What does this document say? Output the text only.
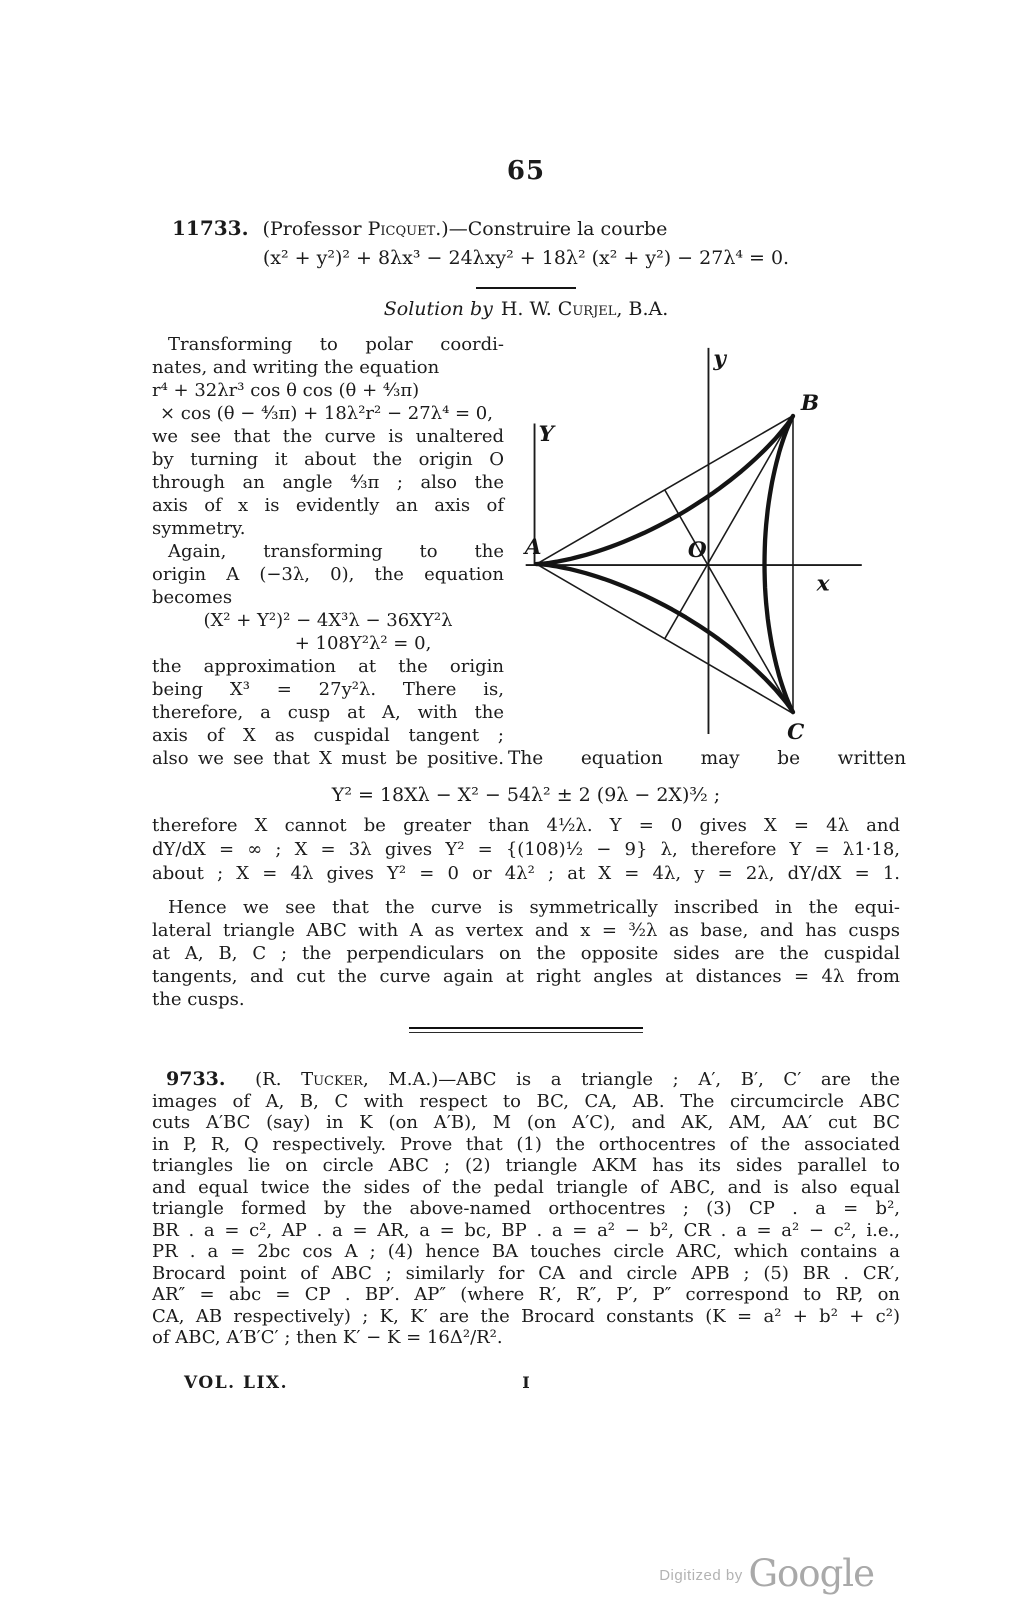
65
11733. (Professor Picquet.)—Construire la courbe
(x² + y²)² + 8λx³ − 24λxy² + 18λ² (x² + y²) − 27λ⁴ = 0.
Solution by H. W. Curjel, B.A.
Transforming to polar coordi-
nates, and writing the equation
r⁴ + 32λr³ cos θ cos (θ + ⁴⁄₃π)
× cos (θ − ⁴⁄₃π) + 18λ²r² − 27λ⁴ = 0,
we see that the curve is unaltered
by turning it about the origin O
through an angle ⁴⁄₃π ; also the
axis of x is evidently an axis of
symmetry.
Again, transforming to the
origin A (−3λ, 0), the equation
becomes
(X² + Y²)² − 4X³λ − 36XY²λ
+ 108Y²λ² = 0,
the approximation at the origin
being X³ = 27y²λ. There is,
therefore, a cusp at A, with the
axis of X as cuspidal tangent ;
also we see that X must be positive.
y
Y
x
A
B
C
O
The equation may be written
Y² = 18Xλ − X² − 54λ² ± 2 (9λ − 2X)³⁄₂ ;
therefore X cannot be greater than 4½λ. Y = 0 gives X = 4λ and
dY/dX = ∞ ; X = 3λ gives Y² = {(108)¹⁄₂ − 9} λ, therefore Y = λ1·18,
about ; X = 4λ gives Y² = 0 or 4λ² ; at X = 4λ, y = 2λ, dY/dX = 1.
Hence we see that the curve is symmetrically inscribed in the equi-
lateral triangle ABC with A as vertex and x = ³⁄₂λ as base, and has cusps
at A, B, C ; the perpendiculars on the opposite sides are the cuspidal
tangents, and cut the curve again at right angles at distances = 4λ from
the cusps.
9733. (R. Tucker, M.A.)—ABC is a triangle ; A′, B′, C′ are the
images of A, B, C with respect to BC, CA, AB. The circumcircle ABC
cuts A′BC (say) in K (on A′B), M (on A′C), and AK, AM, AA′ cut BC
in P, R, Q respectively. Prove that (1) the orthocentres of the associated
triangles lie on circle ABC ; (2) triangle AKM has its sides parallel to
and equal twice the sides of the pedal triangle of ABC, and is also equal
triangle formed by the above-named orthocentres ; (3) CP . a = b²,
BR . a = c², AP . a = AR, a = bc, BP . a = a² − b², CR . a = a² − c², i.e.,
PR . a = 2bc cos A ; (4) hence BA touches circle ARC, which contains a
Brocard point of ABC ; similarly for CA and circle APB ; (5) BR . CR′,
AR″ = abc = CP . BP′. AP″ (where R′, R″, P′, P″ correspond to RP, on
CA, AB respectively) ; K, K′ are the Brocard constants (K = a² + b² + c²)
of ABC, A′B′C′ ; then K′ − K = 16Δ²/R².
VOL. LIX.	I
$^{Digitized by}$ Google
